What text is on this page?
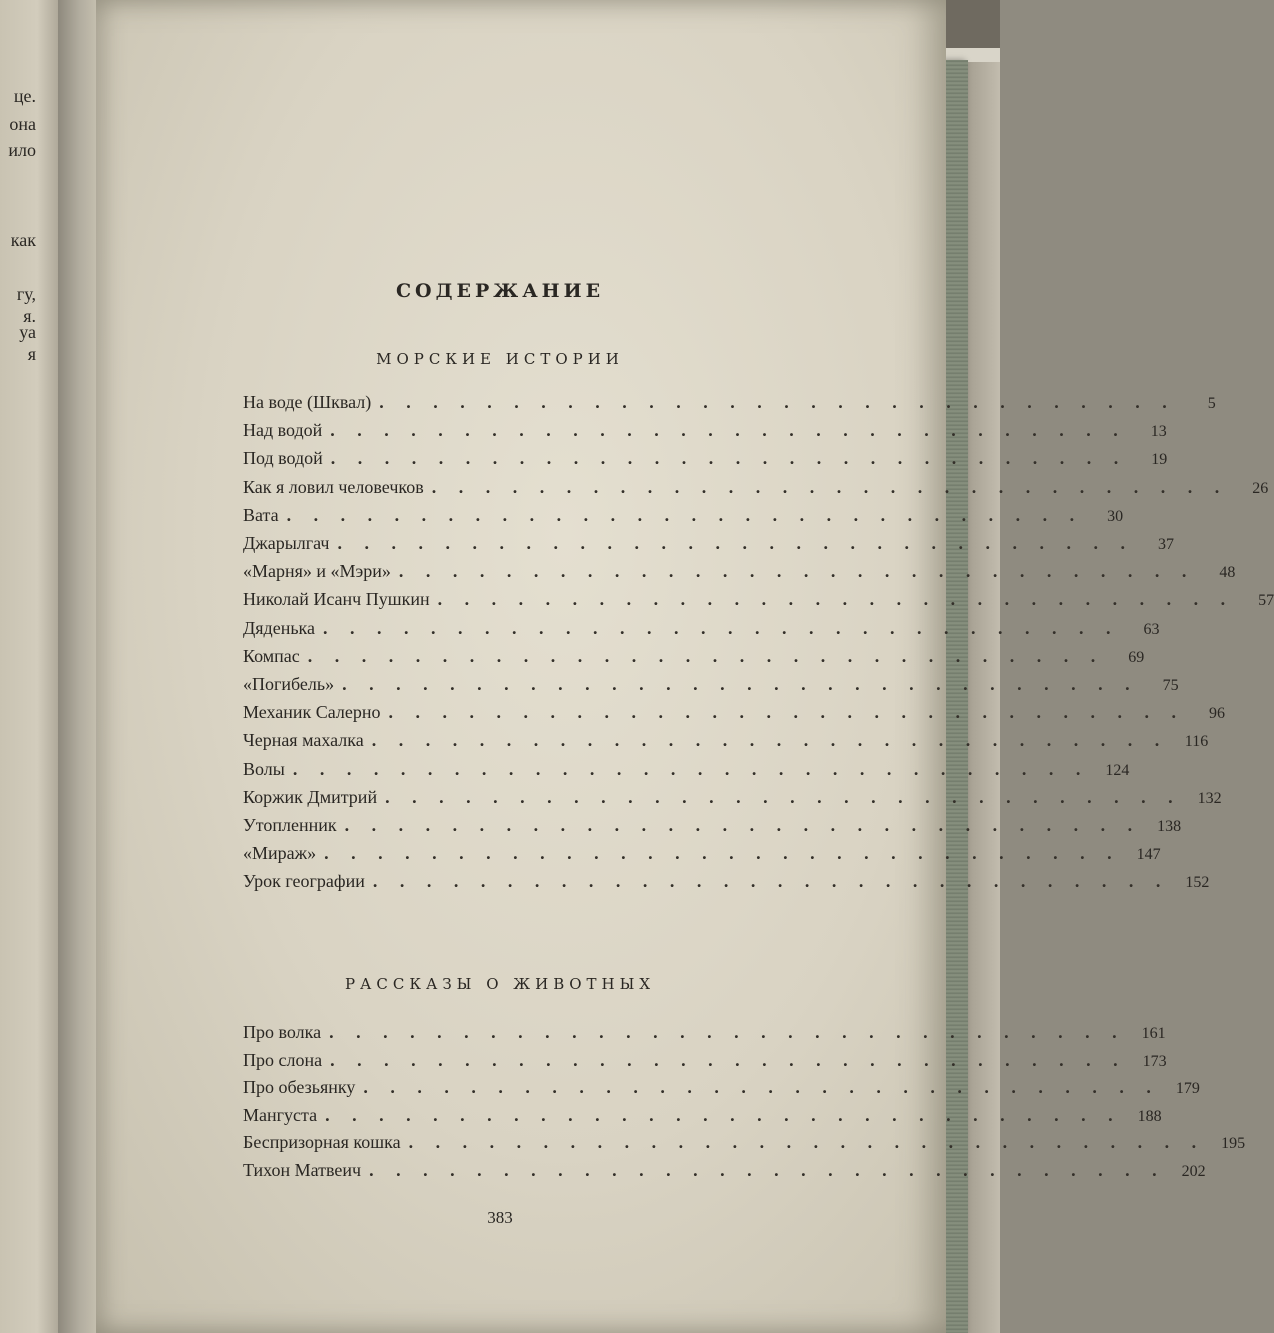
це.
она
ило
как
гу,
я.
уа
я
СОДЕРЖАНИЕ
МОРСКИЕ ИСТОРИИ
На воде (Шквал) . . . . . . . . . . . . . . . . . . . . . . . . . . . . . .	5
Над водой . . . . . . . . . . . . . . . . . . . . . . . . . . . . . .	13
Под водой . . . . . . . . . . . . . . . . . . . . . . . . . . . . . .	19
Как я ловил человечков . . . . . . . . . . . . . . . . . . . . . . . . . . . . . .	26
Вата . . . . . . . . . . . . . . . . . . . . . . . . . . . . . .	30
Джарылгач . . . . . . . . . . . . . . . . . . . . . . . . . . . . . .	37
«Марня» и «Мэри» . . . . . . . . . . . . . . . . . . . . . . . . . . . . . .	48
Николай Исанч Пушкин . . . . . . . . . . . . . . . . . . . . . . . . . . . . . .	57
Дяденька . . . . . . . . . . . . . . . . . . . . . . . . . . . . . .	63
Компас . . . . . . . . . . . . . . . . . . . . . . . . . . . . . .	69
«Погибель» . . . . . . . . . . . . . . . . . . . . . . . . . . . . . .	75
Механик Салерно . . . . . . . . . . . . . . . . . . . . . . . . . . . . . .	96
Черная махалка . . . . . . . . . . . . . . . . . . . . . . . . . . . . . .	116
Волы . . . . . . . . . . . . . . . . . . . . . . . . . . . . . .	124
Коржик Дмитрий . . . . . . . . . . . . . . . . . . . . . . . . . . . . . .	132
Утопленник . . . . . . . . . . . . . . . . . . . . . . . . . . . . . .	138
«Мираж» . . . . . . . . . . . . . . . . . . . . . . . . . . . . . .	147
Урок географии . . . . . . . . . . . . . . . . . . . . . . . . . . . . . .	152
РАССКАЗЫ О ЖИВОТНЫХ
Про волка . . . . . . . . . . . . . . . . . . . . . . . . . . . . . .	161
Про слона . . . . . . . . . . . . . . . . . . . . . . . . . . . . . .	173
Про обезьянку . . . . . . . . . . . . . . . . . . . . . . . . . . . . . .	179
Мангуста . . . . . . . . . . . . . . . . . . . . . . . . . . . . . .	188
Беспризорная кошка . . . . . . . . . . . . . . . . . . . . . . . . . . . . . .	195
Тихон Матвеич . . . . . . . . . . . . . . . . . . . . . . . . . . . . . .	202
383
